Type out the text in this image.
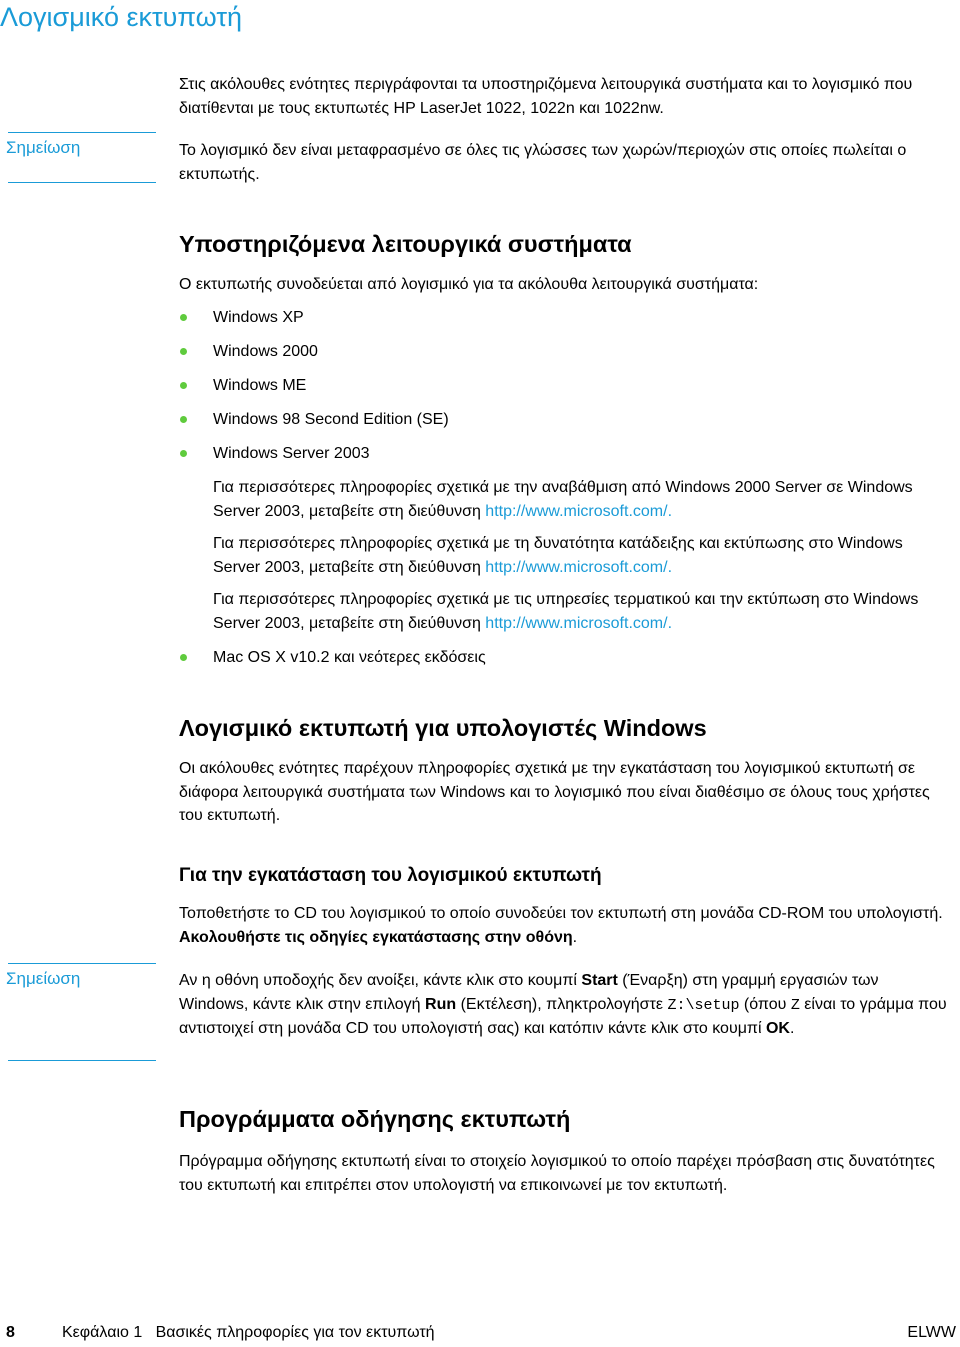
Λογισμικό εκτυπωτή

Στις ακόλουθες ενότητες περιγράφονται τα υποστηριζόμενα λειτουργικά συστήματα και το λογισμικό που διατίθενται με τους εκτυπωτές HP LaserJet 1022, 1022n και 1022nw.

Σημείωση	Το λογισμικό δεν είναι μεταφρασμένο σε όλες τις γλώσσες των χωρών/περιοχών στις οποίες πωλείται ο εκτυπωτής.

Υποστηριζόμενα λειτουργικά συστήματα

Ο εκτυπωτής συνοδεύεται από λογισμικό για τα ακόλουθα λειτουργικά συστήματα:

Windows XP

Windows 2000

Windows ME

Windows 98 Second Edition (SE)

Windows Server 2003

Για περισσότερες πληροφορίες σχετικά με την αναβάθμιση από Windows 2000 Server σε Windows Server 2003, μεταβείτε στη διεύθυνση http://www.microsoft.com/.

Για περισσότερες πληροφορίες σχετικά με τη δυνατότητα κατάδειξης και εκτύπωσης στο Windows Server 2003, μεταβείτε στη διεύθυνση http://www.microsoft.com/.

Για περισσότερες πληροφορίες σχετικά με τις υπηρεσίες τερματικού και την εκτύπωση στο Windows Server 2003, μεταβείτε στη διεύθυνση http://www.microsoft.com/.

Mac OS X v10.2 και νεότερες εκδόσεις

Λογισμικό εκτυπωτή για υπολογιστές Windows

Οι ακόλουθες ενότητες παρέχουν πληροφορίες σχετικά με την εγκατάσταση του λογισμικού εκτυπωτή σε διάφορα λειτουργικά συστήματα των Windows και το λογισμικό που είναι διαθέσιμο σε όλους τους χρήστες του εκτυπωτή.

Για την εγκατάσταση του λογισμικού εκτυπωτή

Τοποθετήστε το CD του λογισμικού το οποίο συνοδεύει τον εκτυπωτή στη μονάδα CD-ROM του υπολογιστή. Ακολουθήστε τις οδηγίες εγκατάστασης στην οθόνη.

Σημείωση	Αν η οθόνη υποδοχής δεν ανοίξει, κάντε κλικ στο κουμπί Start (Έναρξη) στη γραμμή εργασιών των Windows, κάντε κλικ στην επιλογή Run (Εκτέλεση), πληκτρολογήστε Z:\setup (όπου Z είναι το γράμμα που αντιστοιχεί στη μονάδα CD του υπολογιστή σας) και κατόπιν κάντε κλικ στο κουμπί OK.

Προγράμματα οδήγησης εκτυπωτή

Πρόγραμμα οδήγησης εκτυπωτή είναι το στοιχείο λογισμικού το οποίο παρέχει πρόσβαση στις δυνατότητες του εκτυπωτή και επιτρέπει στον υπολογιστή να επικοινωνεί με τον εκτυπωτή.

8	Κεφάλαιο 1   Βασικές πληροφορίες για τον εκτυπωτή	ELWW
